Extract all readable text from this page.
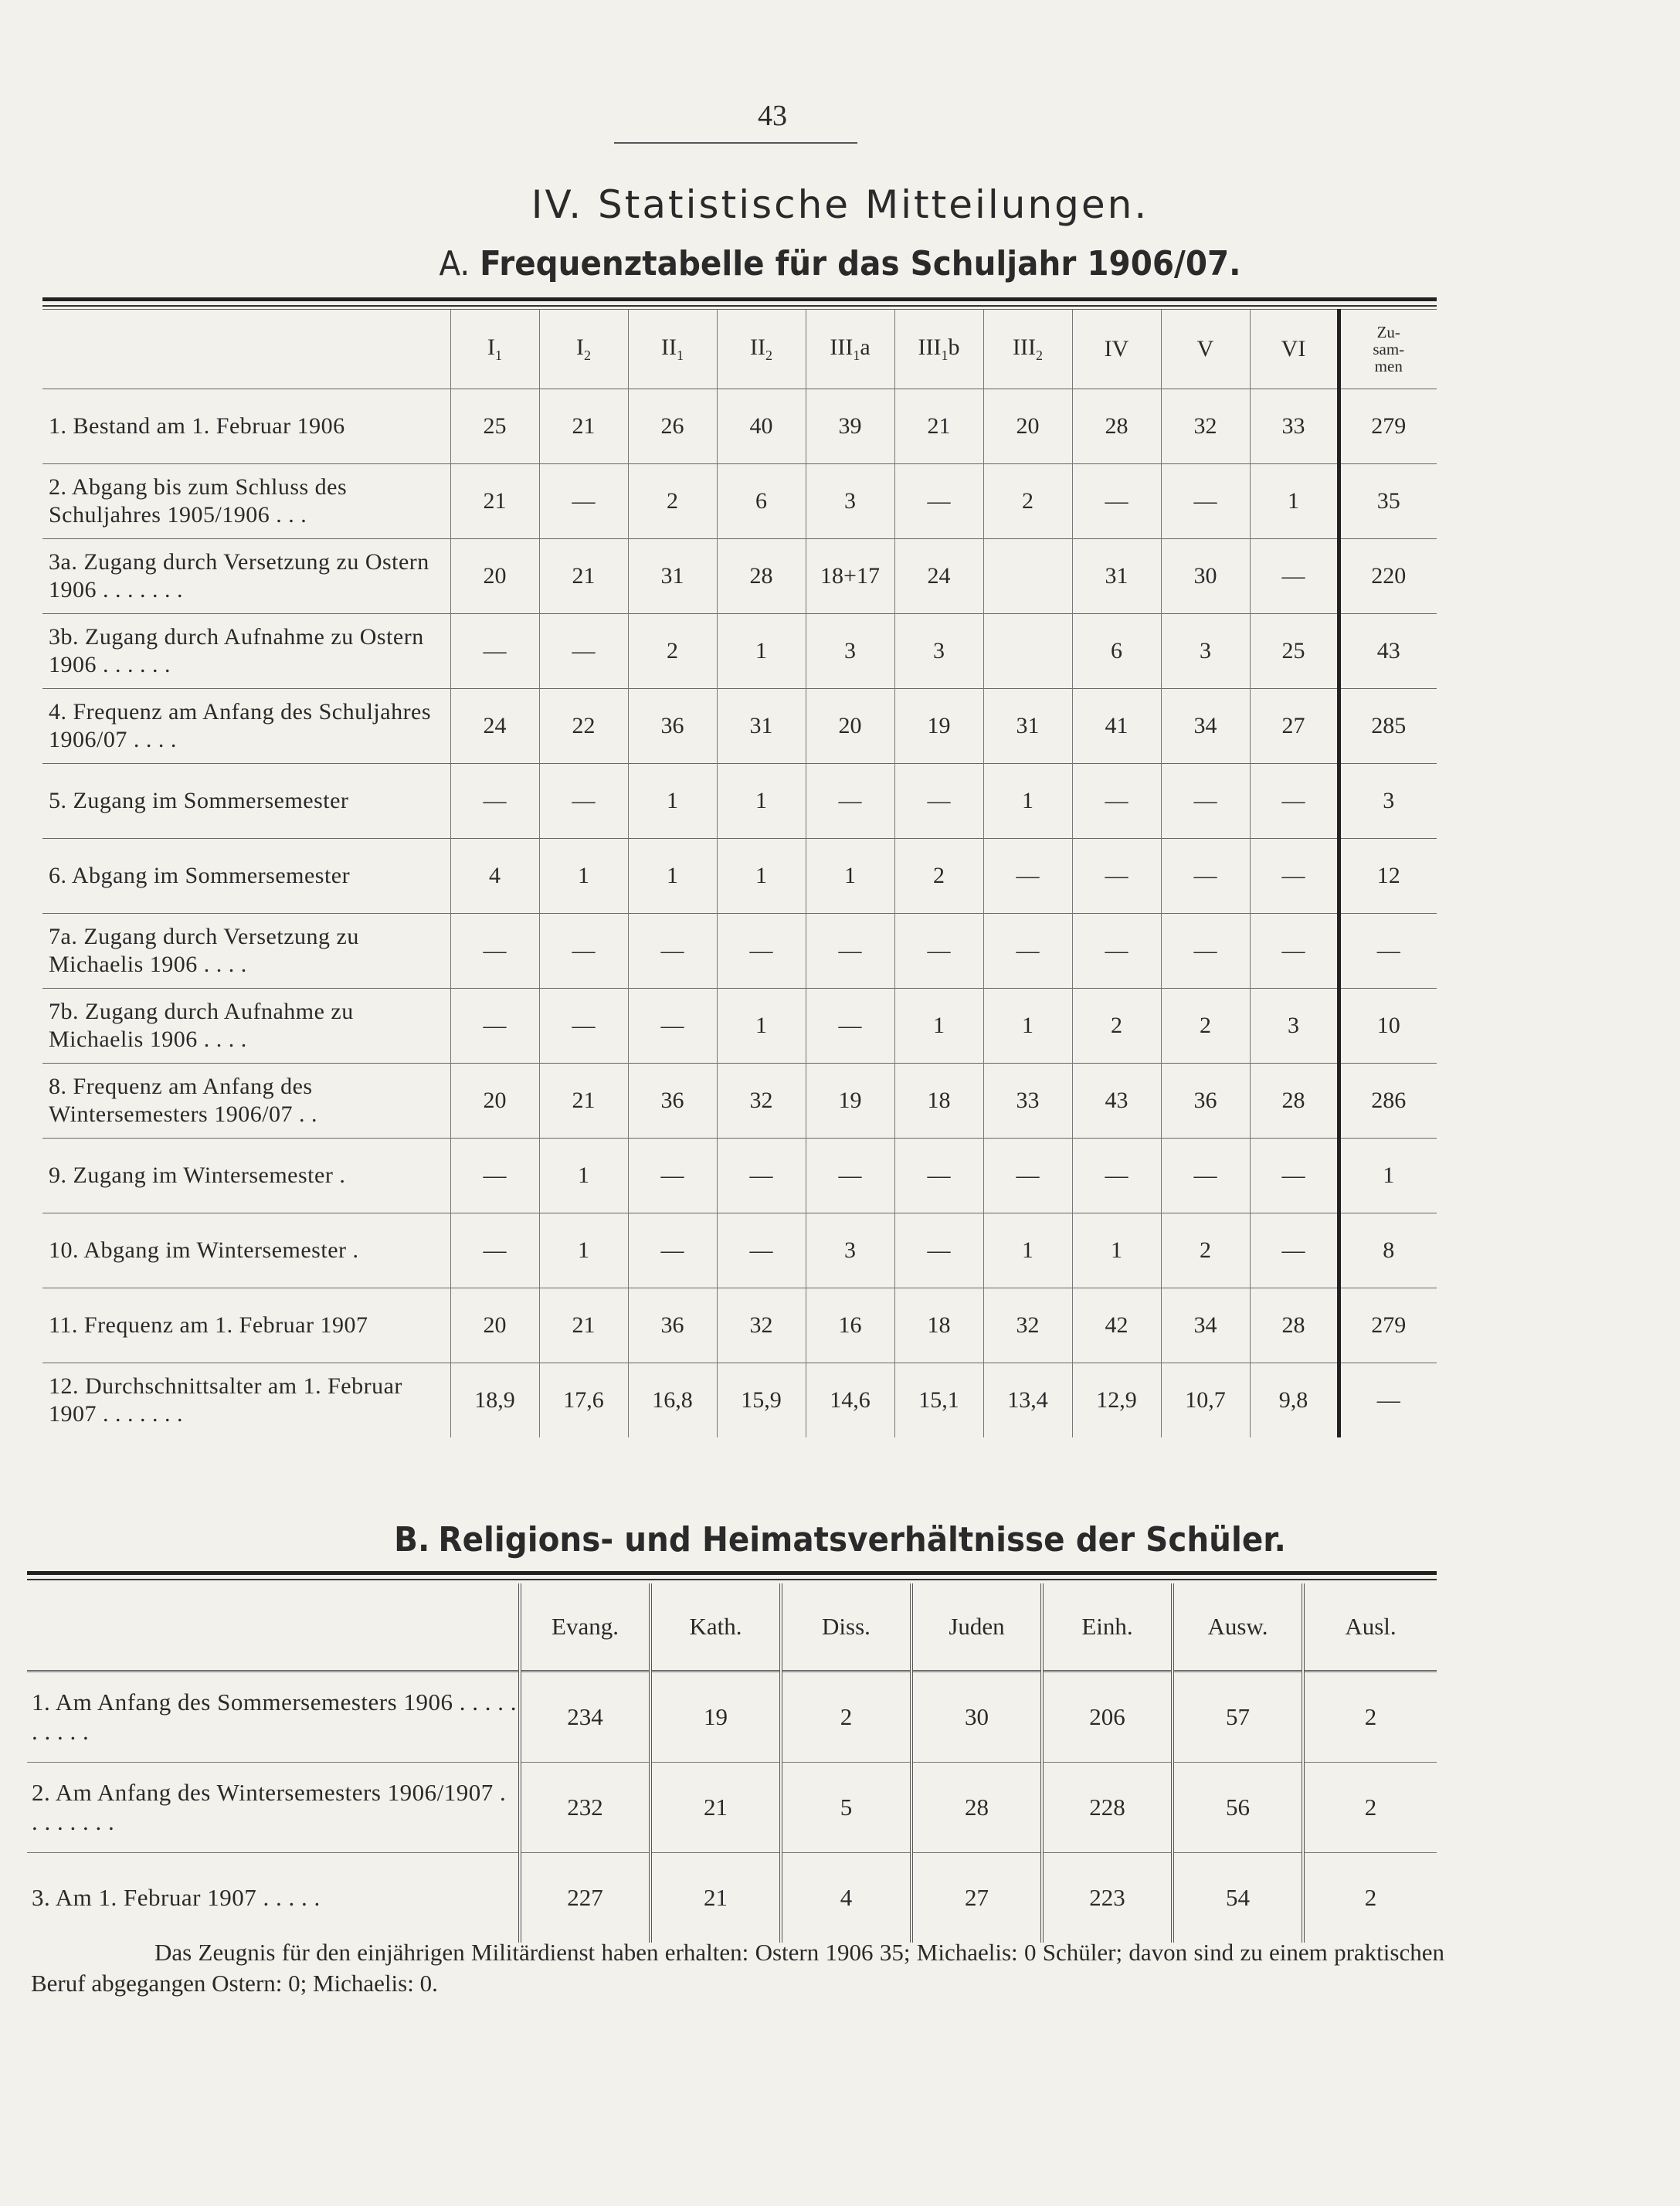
43
IV. Statistische Mitteilungen.
A. Frequenztabelle für das Schuljahr 1906/07.
	$I_1$	$I_2$	$II_1$	$II_2$	$III_1a$	$III_1b$	$III_2$	IV	V	VI	Zu-
sam-
men
1. Bestand am 1. Februar 1906	25	21	26	40	39	21	20	28	32	33	279
2. Abgang bis zum Schluss des Schuljahres 1905/1906 . . .	21	—	2	6	3	—	2	—	—	1	35
3a. Zugang durch Versetzung zu Ostern 1906 . . . . . . .	20	21	31	28	18+17	24		31	30	—	220
3b. Zugang durch Aufnahme zu Ostern 1906 . . . . . .	—	—	2	1	3	3		6	3	25	43
4. Frequenz am Anfang des Schuljahres 1906/07 . . . .	24	22	36	31	20	19	31	41	34	27	285
5. Zugang im Sommersemester	—	—	1	1	—	—	1	—	—	—	3
6. Abgang im Sommersemester	4	1	1	1	1	2	—	—	—	—	12
7a. Zugang durch Versetzung zu Michaelis 1906 . . . .	—	—	—	—	—	—	—	—	—	—	—
7b. Zugang durch Aufnahme zu Michaelis 1906 . . . .	—	—	—	1	—	1	1	2	2	3	10
8. Frequenz am Anfang des Wintersemesters 1906/07 . .	20	21	36	32	19	18	33	43	36	28	286
9. Zugang im Wintersemester .	—	1	—	—	—	—	—	—	—	—	1
10. Abgang im Wintersemester .	—	1	—	—	3	—	1	1	2	—	8
11. Frequenz am 1. Februar 1907	20	21	36	32	16	18	32	42	34	28	279
12. Durchschnittsalter am 1. Februar 1907 . . . . . . .	18,9	17,6	16,8	15,9	14,6	15,1	13,4	12,9	10,7	9,8	—
B. Religions- und Heimatsverhältnisse der Schüler.
	Evang.	Kath.	Diss.	Juden	Einh.	Ausw.	Ausl.
1. Am Anfang des Sommersemesters 1906 . . . . . . . . . .	234	19	2	30	206	57	2
2. Am Anfang des Wintersemesters 1906/1907 . . . . . . . .	232	21	5	28	228	56	2
3. Am 1. Februar 1907 . . . . .	227	21	4	27	223	54	2
Das Zeugnis für den einjährigen Militärdienst haben erhalten: Ostern 1906 35; Michaelis: 0 Schüler; davon sind zu einem praktischen Beruf abgegangen Ostern: 0; Michaelis: 0.
